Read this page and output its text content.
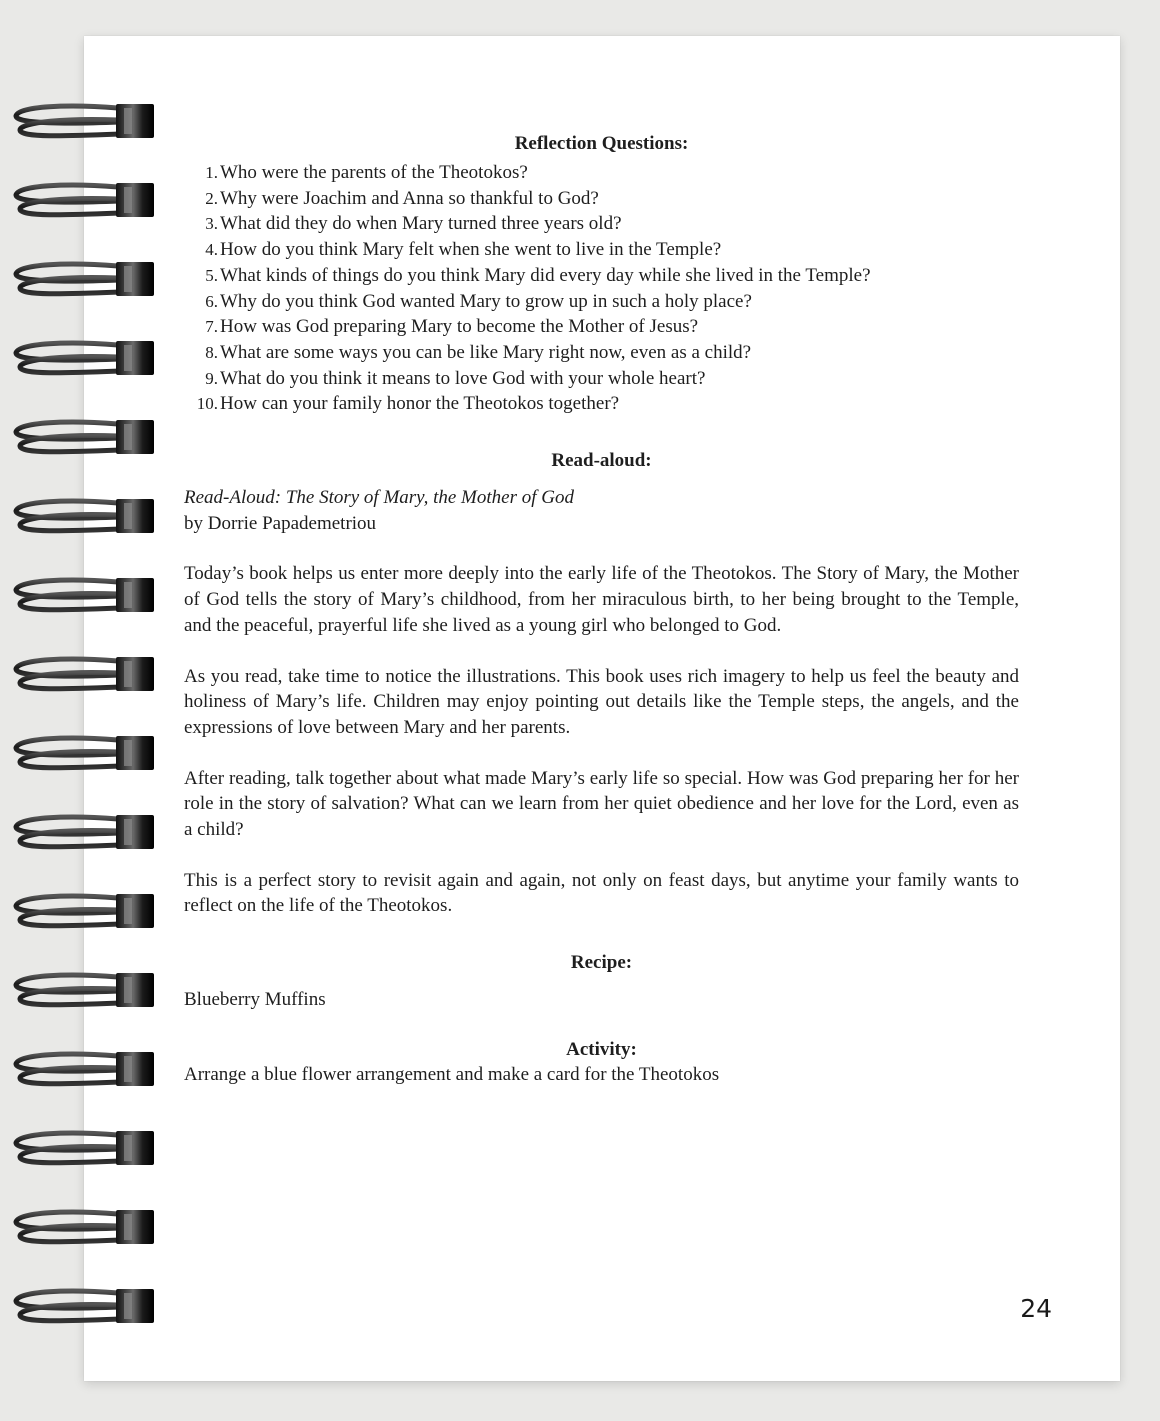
Reflection Questions:
1. Who were the parents of the Theotokos?
2. Why were Joachim and Anna so thankful to God?
3. What did they do when Mary turned three years old?
4. How do you think Mary felt when she went to live in the Temple?
5. What kinds of things do you think Mary did every day while she lived in the Temple?
6. Why do you think God wanted Mary to grow up in such a holy place?
7. How was God preparing Mary to become the Mother of Jesus?
8. What are some ways you can be like Mary right now, even as a child?
9. What do you think it means to love God with your whole heart?
10. How can your family honor the Theotokos together?
Read-aloud:

Read-Aloud: The Story of Mary, the Mother of God

by Dorrie Papademetriou

Today’s book helps us enter more deeply into the early life of the Theotokos. The Story of Mary, the Mother of God tells the story of Mary’s childhood, from her miraculous birth, to her being brought to the Temple, and the peaceful, prayerful life she lived as a young girl who belonged to God.

As you read, take time to notice the illustrations. This book uses rich imagery to help us feel the beauty and holiness of Mary’s life. Children may enjoy pointing out details like the Temple steps, the angels, and the expressions of love between Mary and her parents.

After reading, talk together about what made Mary’s early life so special. How was God preparing her for her role in the story of salvation? What can we learn from her quiet obedience and her love for the Lord, even as a child?

This is a perfect story to revisit again and again, not only on feast days, but anytime your family wants to reflect on the life of the Theotokos.

Recipe:

Blueberry Muffins

Activity:

Arrange a blue flower arrangement and make a card for the Theotokos

24
